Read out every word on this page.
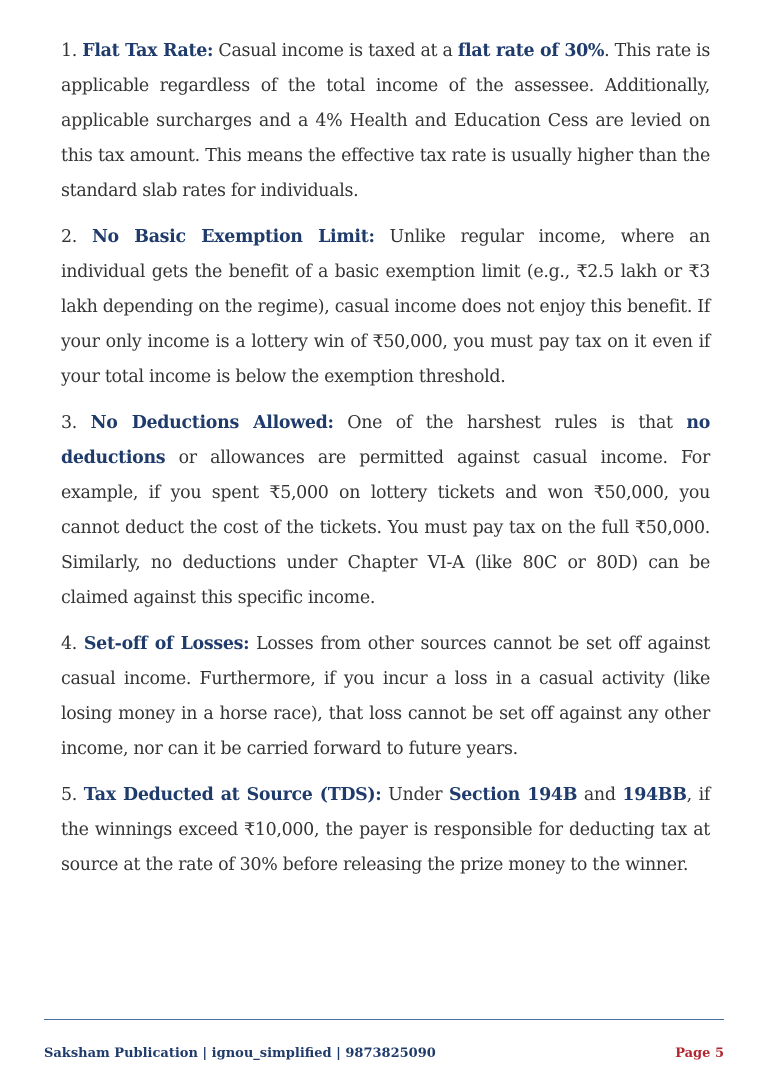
1. Flat Tax Rate: Casual income is taxed at a flat rate of 30%. This rate is applicable regardless of the total income of the assessee. Additionally, applicable surcharges and a 4% Health and Education Cess are levied on this tax amount. This means the effective tax rate is usually higher than the standard slab rates for individuals.

2. No Basic Exemption Limit: Unlike regular income, where an individual gets the benefit of a basic exemption limit (e.g., ₹2.5 lakh or ₹3 lakh depending on the regime), casual income does not enjoy this benefit. If your only income is a lottery win of ₹50,000, you must pay tax on it even if your total income is below the exemption threshold.

3. No Deductions Allowed: One of the harshest rules is that no deductions or allowances are permitted against casual income. For example, if you spent ₹5,000 on lottery tickets and won ₹50,000, you cannot deduct the cost of the tickets. You must pay tax on the full ₹50,000. Similarly, no deductions under Chapter VI-A (like 80C or 80D) can be claimed against this specific income.

4. Set-off of Losses: Losses from other sources cannot be set off against casual income. Furthermore, if you incur a loss in a casual activity (like losing money in a horse race), that loss cannot be set off against any other income, nor can it be carried forward to future years.

5. Tax Deducted at Source (TDS): Under Section 194B and 194BB, if the winnings exceed ₹10,000, the payer is responsible for deducting tax at source at the rate of 30% before releasing the prize money to the winner.

Saksham Publication | ignou_simplified | 9873825090	Page 5
